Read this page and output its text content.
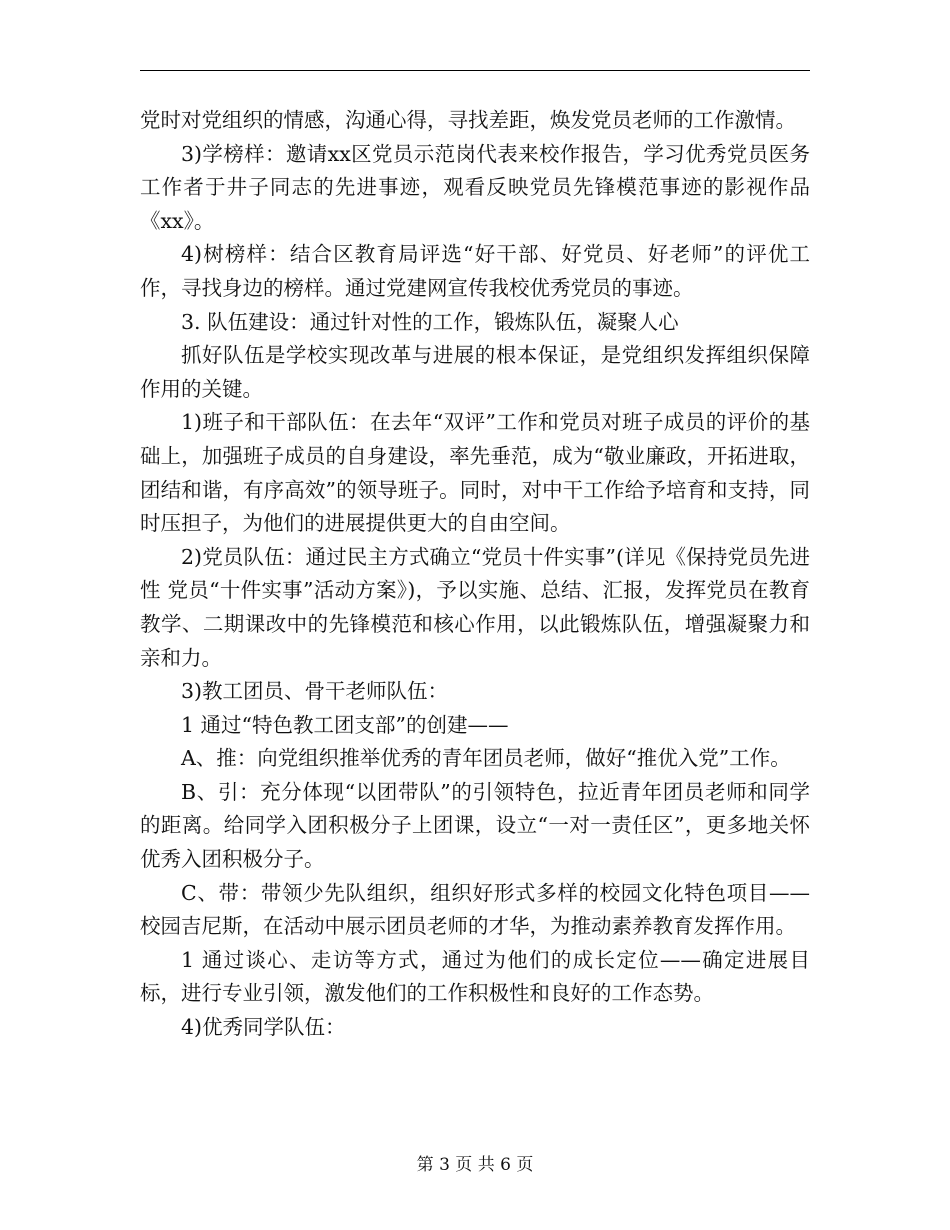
党时对党组织的情感，沟通心得，寻找差距，焕发党员老师的工作激情。

3)学榜样：邀请xx区党员示范岗代表来校作报告，学习优秀党员医务工作者于井子同志的先进事迹，观看反映党员先锋模范事迹的影视作品《xx》。

4)树榜样：结合区教育局评选“好干部、好党员、好老师”的评优工作，寻找身边的榜样。通过党建网宣传我校优秀党员的事迹。

3. 队伍建设：通过针对性的工作，锻炼队伍，凝聚人心

抓好队伍是学校实现改革与进展的根本保证，是党组织发挥组织保障作用的关键。

1)班子和干部队伍：在去年“双评”工作和党员对班子成员的评价的基础上，加强班子成员的自身建设，率先垂范，成为“敬业廉政，开拓进取，团结和谐，有序高效”的领导班子。同时，对中干工作给予培育和支持，同时压担子，为他们的进展提供更大的自由空间。

2)党员队伍：通过民主方式确立“党员十件实事”(详见《保持党员先进性 党员“十件实事”活动方案》)，予以实施、总结、汇报，发挥党员在教育教学、二期课改中的先锋模范和核心作用，以此锻炼队伍，增强凝聚力和亲和力。

3)教工团员、骨干老师队伍：

1 通过“特色教工团支部”的创建——

A、推：向党组织推举优秀的青年团员老师，做好“推优入党”工作。

B、引：充分体现“以团带队”的引领特色，拉近青年团员老师和同学的距离。给同学入团积极分子上团课，设立“一对一责任区”，更多地关怀优秀入团积极分子。

C、带：带领少先队组织，组织好形式多样的校园文化特色项目——校园吉尼斯，在活动中展示团员老师的才华，为推动素养教育发挥作用。

1 通过谈心、走访等方式，通过为他们的成长定位——确定进展目标，进行专业引领，激发他们的工作积极性和良好的工作态势。

4)优秀同学队伍：

第 3 页 共 6 页
